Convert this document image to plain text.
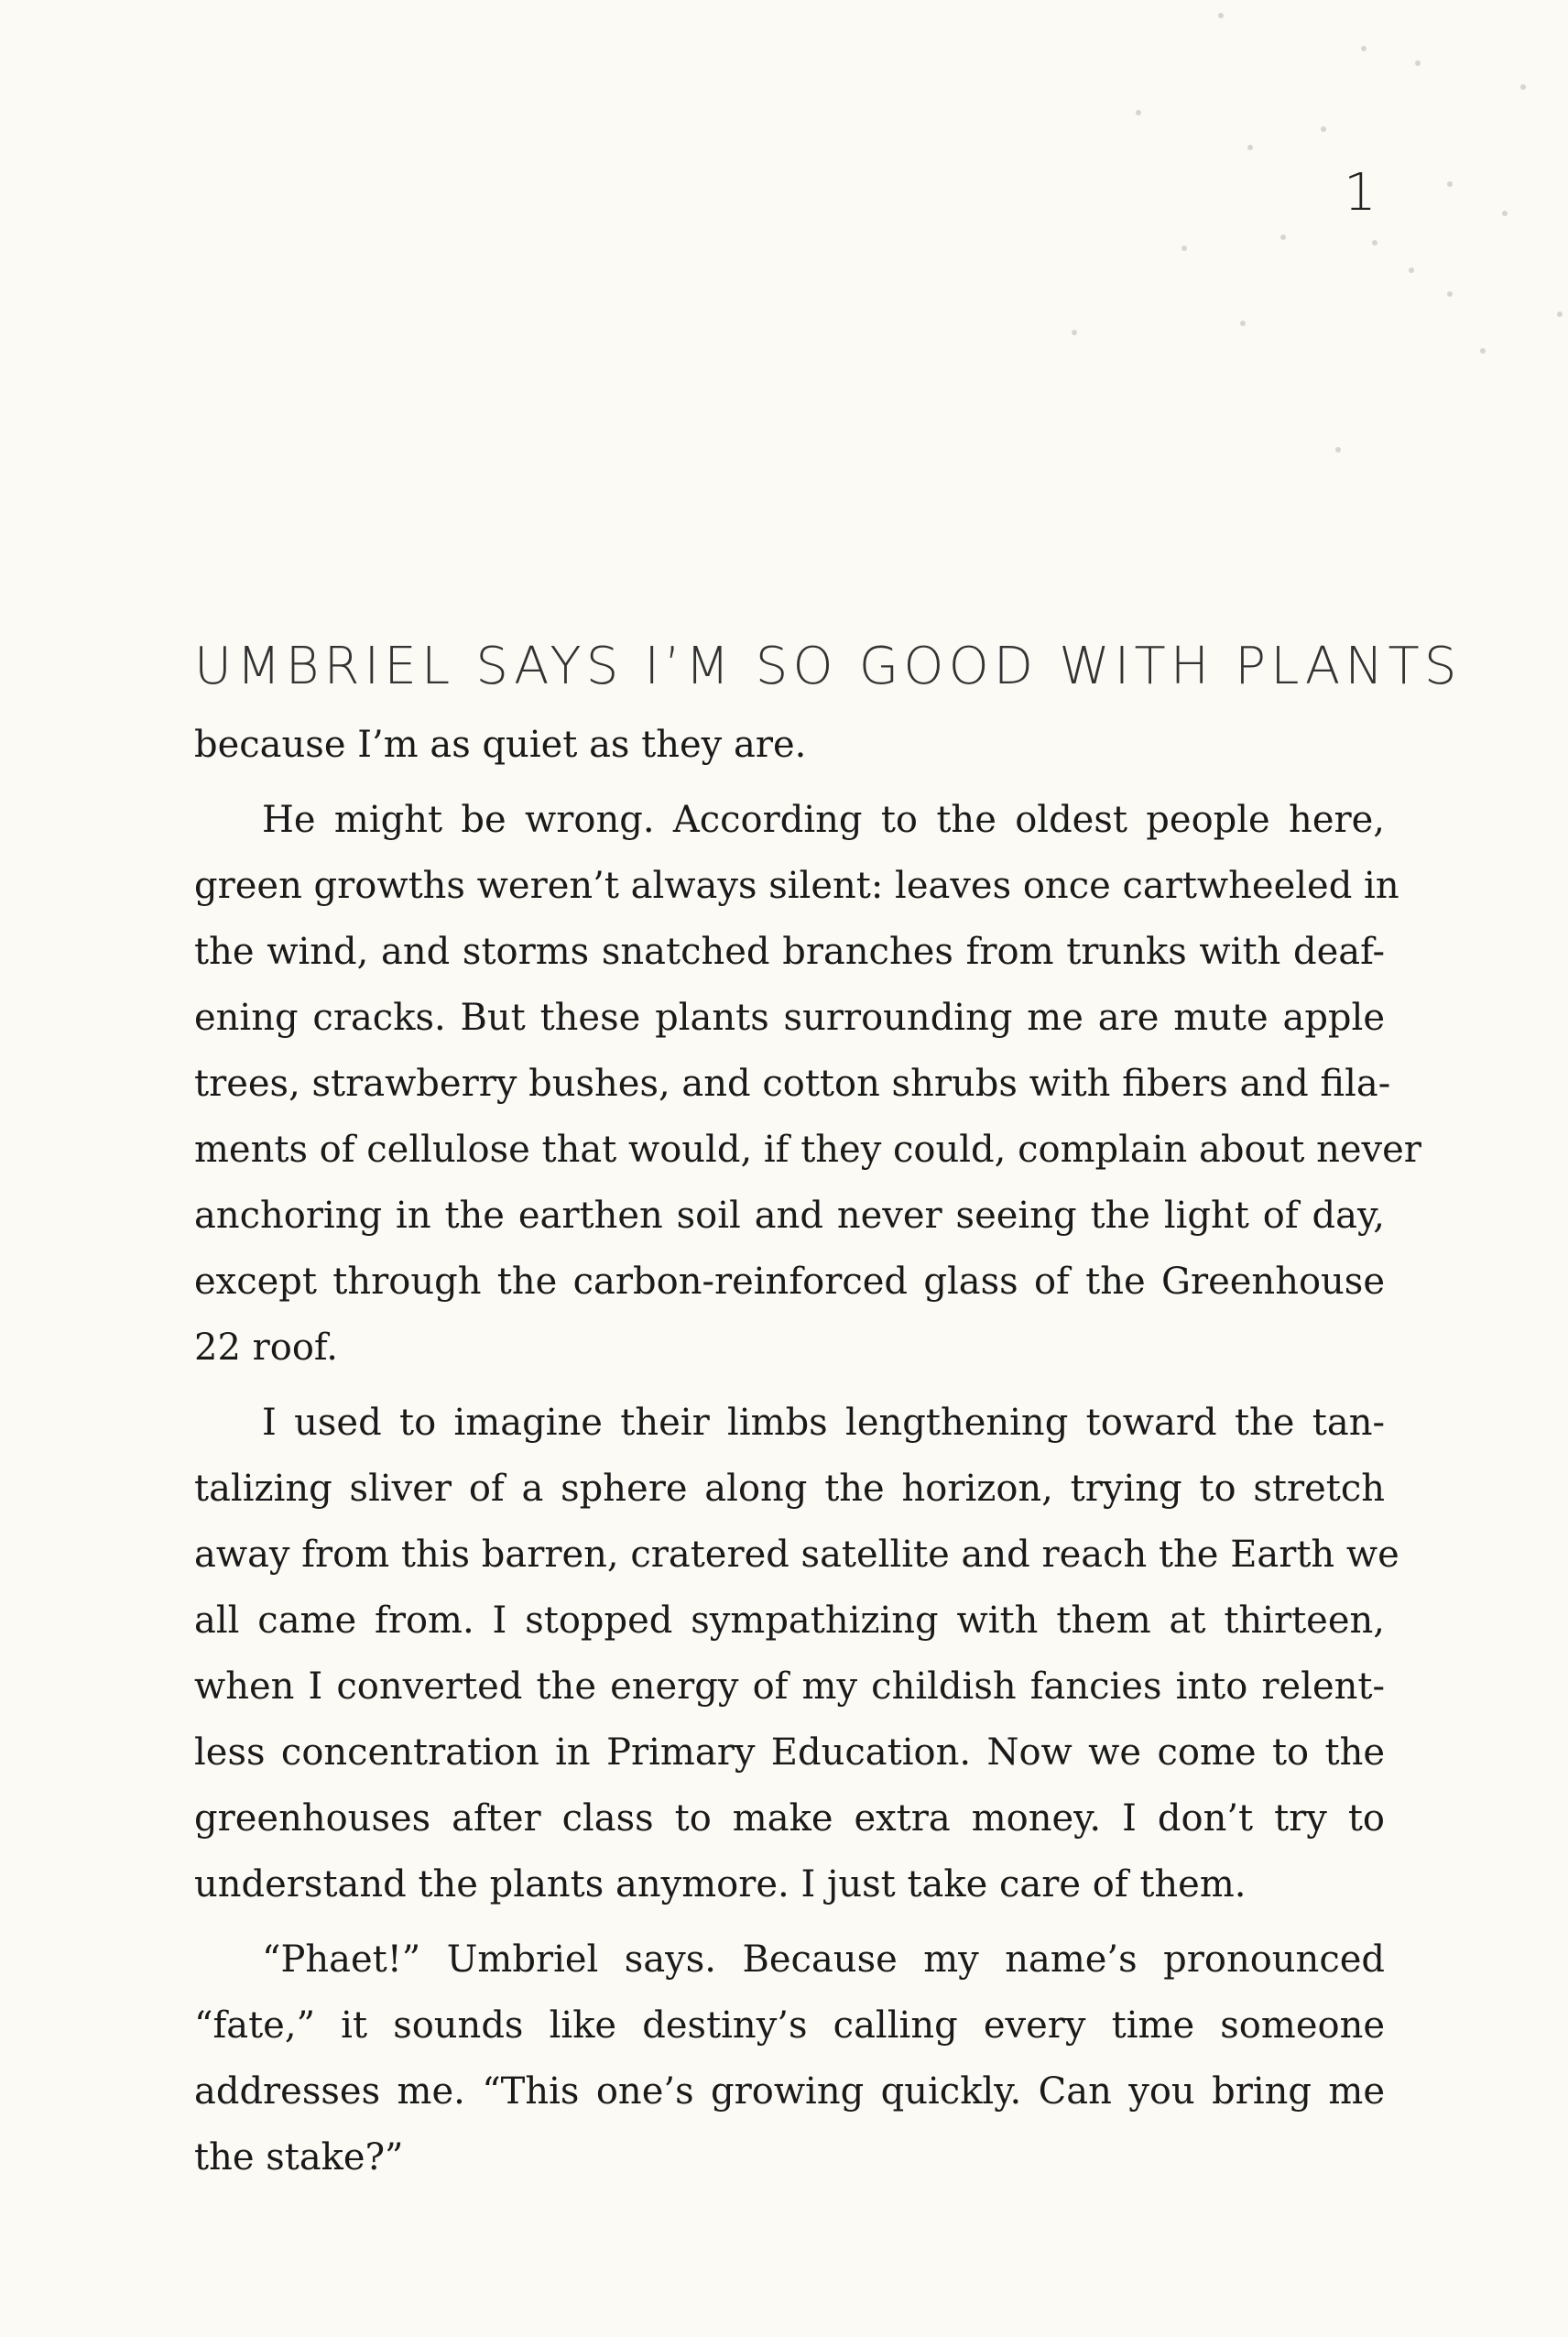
1
UMBRIEL SAYS I’M SO GOOD WITH PLANTS
because I’m as quiet as they are.
He might be wrong. According to the oldest people here,
green growths weren’t always silent: leaves once cartwheeled in
the wind, and storms snatched branches from trunks with deaf-
ening cracks. But these plants surrounding me are mute apple
trees, strawberry bushes, and cotton shrubs with fibers and fila-
ments of cellulose that would, if they could, complain about never
anchoring in the earthen soil and never seeing the light of day,
except through the carbon-reinforced glass of the Greenhouse
22 roof.
I used to imagine their limbs lengthening toward the tan-
talizing sliver of a sphere along the horizon, trying to stretch
away from this barren, cratered satellite and reach the Earth we
all came from. I stopped sympathizing with them at thirteen,
when I converted the energy of my childish fancies into relent-
less concentration in Primary Education. Now we come to the
greenhouses after class to make extra money. I don’t try to
understand the plants anymore. I just take care of them.
“Phaet!” Umbriel says. Because my name’s pronounced
“fate,” it sounds like destiny’s calling every time someone
addresses me. “This one’s growing quickly. Can you bring me
the stake?”
